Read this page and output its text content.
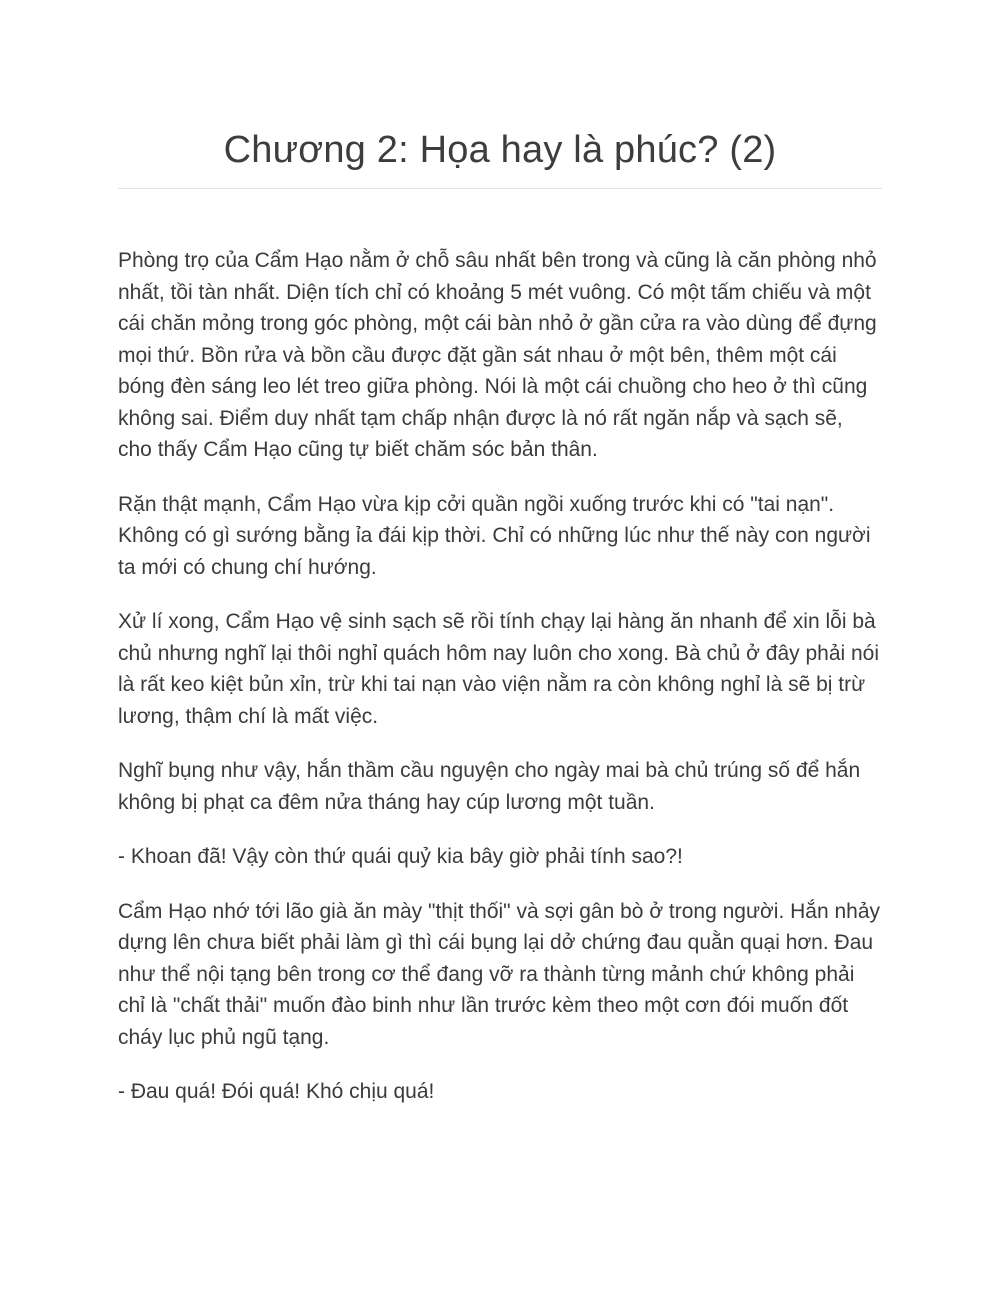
Chương 2: Họa hay là phúc? (2)

Phòng trọ của Cẩm Hạo nằm ở chỗ sâu nhất bên trong và cũng là căn phòng nhỏ nhất, tồi tàn nhất. Diện tích chỉ có khoảng 5 mét vuông. Có một tấm chiếu và một cái chăn mỏng trong góc phòng, một cái bàn nhỏ ở gần cửa ra vào dùng để đựng mọi thứ. Bồn rửa và bồn cầu được đặt gần sát nhau ở một bên, thêm một cái bóng đèn sáng leo lét treo giữa phòng. Nói là một cái chuồng cho heo ở thì cũng không sai. Điểm duy nhất tạm chấp nhận được là nó rất ngăn nắp và sạch sẽ, cho thấy Cẩm Hạo cũng tự biết chăm sóc bản thân.

Rặn thật mạnh, Cẩm Hạo vừa kịp cởi quần ngồi xuống trước khi có "tai nạn". Không có gì sướng bằng ỉa đái kịp thời. Chỉ có những lúc như thế này con người ta mới có chung chí hướng.

Xử lí xong, Cẩm Hạo vệ sinh sạch sẽ rồi tính chạy lại hàng ăn nhanh để xin lỗi bà chủ nhưng nghĩ lại thôi nghỉ quách hôm nay luôn cho xong. Bà chủ ở đây phải nói là rất keo kiệt bủn xỉn, trừ khi tai nạn vào viện nằm ra còn không nghỉ là sẽ bị trừ lương, thậm chí là mất việc.

Nghĩ bụng như vậy, hắn thầm cầu nguyện cho ngày mai bà chủ trúng số để hắn không bị phạt ca đêm nửa tháng hay cúp lương một tuần.

- Khoan đã! Vậy còn thứ quái quỷ kia bây giờ phải tính sao?!

Cẩm Hạo nhớ tới lão già ăn mày "thịt thối" và sợi gân bò ở trong người. Hắn nhảy dựng lên chưa biết phải làm gì thì cái bụng lại dở chứng đau quằn quại hơn. Đau như thể nội tạng bên trong cơ thể đang vỡ ra thành từng mảnh chứ không phải chỉ là "chất thải" muốn đào binh như lần trước kèm theo một cơn đói muốn đốt cháy lục phủ ngũ tạng.

- Đau quá! Đói quá! Khó chịu quá!
